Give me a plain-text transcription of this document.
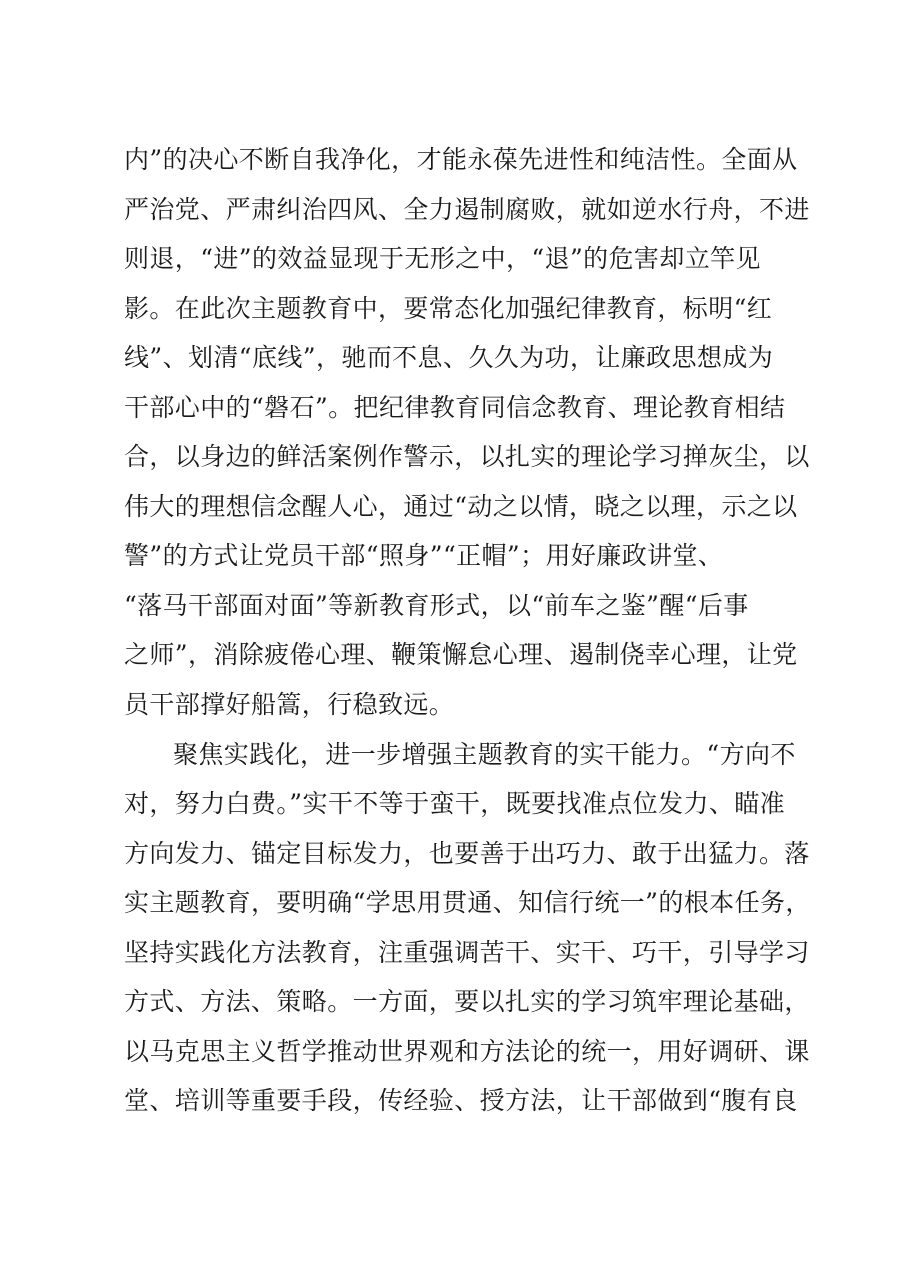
内”的决心不断自我净化，才能永葆先进性和纯洁性。全面从
严治党、严肃纠治四风、全力遏制腐败，就如逆水行舟，不进
则退，“进”的效益显现于无形之中，“退”的危害却立竿见
影。在此次主题教育中，要常态化加强纪律教育，标明“红
线”、划清“底线”，驰而不息、久久为功，让廉政思想成为
干部心中的“磐石”。把纪律教育同信念教育、理论教育相结
合，以身边的鲜活案例作警示，以扎实的理论学习掸灰尘，以
伟大的理想信念醒人心，通过“动之以情，晓之以理，示之以
警”的方式让党员干部“照身”“正帽”；用好廉政讲堂、
“落马干部面对面”等新教育形式，以“前车之鉴”醒“后事
之师”，消除疲倦心理、鞭策懈怠心理、遏制侥幸心理，让党
员干部撑好船篙，行稳致远。
聚焦实践化，进一步增强主题教育的实干能力。“方向不
对，努力白费。”实干不等于蛮干，既要找准点位发力、瞄准
方向发力、锚定目标发力，也要善于出巧力、敢于出猛力。落
实主题教育，要明确“学思用贯通、知信行统一”的根本任务，
坚持实践化方法教育，注重强调苦干、实干、巧干，引导学习
方式、方法、策略。一方面，要以扎实的学习筑牢理论基础，
以马克思主义哲学推动世界观和方法论的统一，用好调研、课
堂、培训等重要手段，传经验、授方法，让干部做到“腹有良
